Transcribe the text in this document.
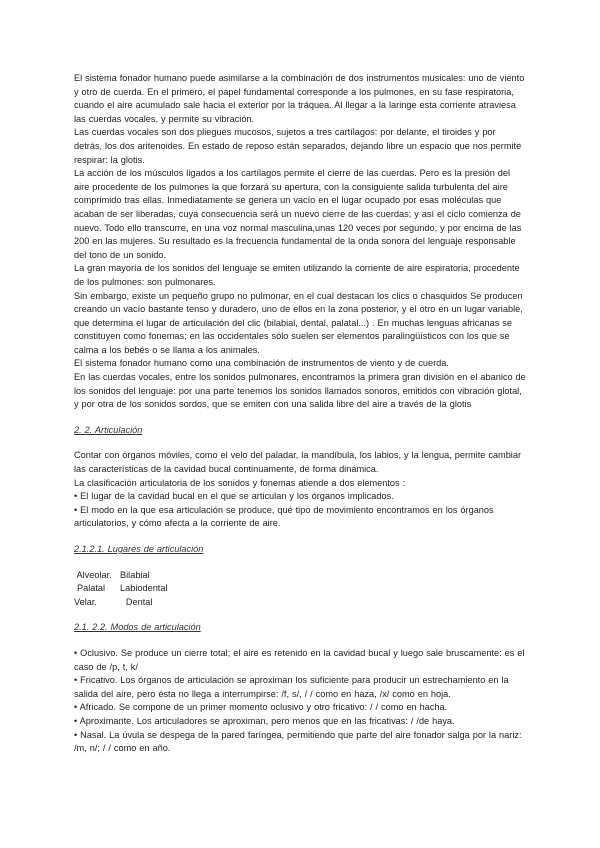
El sistema fonador humano puede asimilarse a la combinación de dos instrumentos musicales: uno de viento y otro de cuerda. En el primero, el papel fundamental corresponde a los pulmones, en su fase respiratoria, cuando el aire acumulado sale hacia el exterior por la tráquea. Al llegar a la laringe esta corriente atraviesa las cuerdas vocales, y permite su vibración.

Las cuerdas vocales son dos pliegues mucosos, sujetos a tres cartílagos: por delante, el tiroides y por detrás, los dos aritenoides. En estado de reposo están separados, dejando libre un espacio que nos permite respirar: la glotis.

La acción de los músculos ligados a los cartílagos permite el cierre de las cuerdas. Pero es la presión del aire procedente de los pulmones la que forzará su apertura, con la consiguiente salida turbulenta del aire comprimido tras ellas. Inmediatamente se genera un vacío en el lugar ocupado por esas moléculas que acaban de ser liberadas, cuya consecuencia será un nuevo cierre de las cuerdas; y así el ciclo comienza de nuevo. Todo ello transcurre, en una voz normal masculina,unas 120 veces por segundo, y por encima de las 200 en las mujeres. Su resultado es la frecuencia fundamental de la onda sonora del lenguaje responsable del tono de un sonido.

La gran mayoría de los sonidos del lenguaje se emiten utilizando la corriente de aire espiratoria, procedente de los pulmones: son pulmonares.

Sin embargo, existe un pequeño grupo no pulmonar, en el cual destacan los clics o chasquidos Se producen creando un vacío bastante tenso y duradero, uno de ellos en la zona posterior, y el otro en un lugar variable, que determina el lugar de articulación del clic (bilabial, dental, palatal...) . En muchas lenguas africanas se constituyen como fonemas; en las occidentales sólo suelen ser elementos paralingüísticos con los que se calma a los bebés o se llama a los animales.

El sistema fonador humano como una combinación de instrumentos de viento y de cuerda.

En las cuerdas vocales, entre los sonidos pulmonares, encontramos la primera gran división en el abanico de los sonidos del lenguaje: por una parte tenemos los sonidos llamados sonoros, emitidos con vibración glotal, y por otra de los sonidos sordos, que se emiten con una salida libre del aire a través de la glotis

2. 2. Articulación

Contar con órganos móviles, como el velo del paladar, la mandíbula, los labios, y la lengua, permite cambiar las características de la cavidad bucal continuamente, de forma dinámica.

La clasificación articulatoria de los sonidos y fonemas atiende a dos elementos :

• El lugar de la cavidad bucal en el que se articulan y los órganos implicados.

• El modo en la que esa articulación se produce, qué tipo de movimiento encontramos en los órganos articulatorios, y cómo afecta a la corriente de aire.

2.1.2.1. Lugares de articulación

Alveolar. Bilabial
Palatal	Labiodental
Velar.	Dental

2.1. 2.2. Modos de articulación

• Oclusivo. Se produce un cierre total; el aire es retenido en la cavidad bucal y luego sale bruscamente: es el caso de /p, t, k/

• Fricativo. Los órganos de articulación se aproximan los suficiente para producir un estrechamiento en la salida del aire, pero ésta no llega a interrumpirse: /f, s/, / / como en haza, /x/ como en hoja.

• Africado. Se compone de un primer momento oclusivo y otro fricativo: / / como en hacha.

• Aproximante. Los articuladores se aproximan, pero menos que en las fricativas: / /de haya.

• Nasal. La úvula se despega de la pared faríngea, permitiendo que parte del aire fonador salga por la nariz: /m, n/; / / como en año.
